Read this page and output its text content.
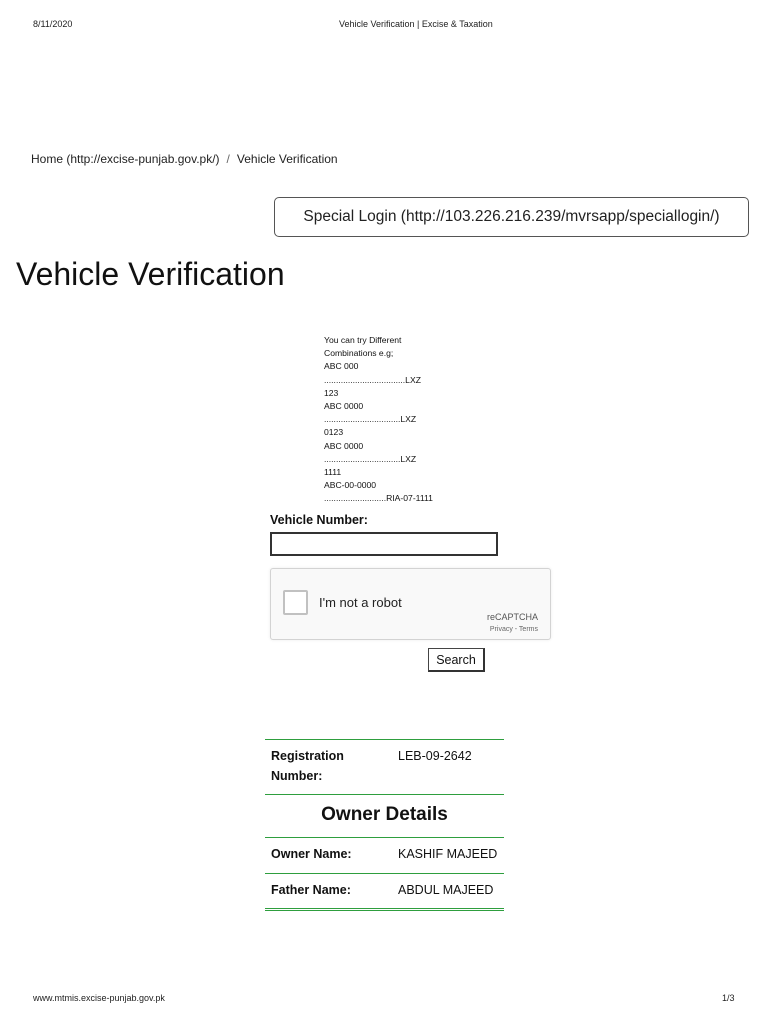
8/11/2020	Vehicle Verification | Excise & Taxation
Home (http://excise-punjab.gov.pk/) / Vehicle Verification
Special Login (http://103.226.216.239/mvrsapp/speciallogin/)
Vehicle Verification
You can try Different
Combinations e.g;
ABC 000
..................................LXZ
123
ABC 0000
................................LXZ
0123
ABC 0000
................................LXZ
1111
ABC-00-0000
..........................RIA-07-1111
Vehicle Number:
I'm not a robot
reCAPTCHA
Privacy - Terms
Search
Registration Number:
LEB-09-2642
Owner Details
Owner Name:	KASHIF MAJEED
Father Name:	ABDUL MAJEED
www.mtmis.excise-punjab.gov.pk	1/3
